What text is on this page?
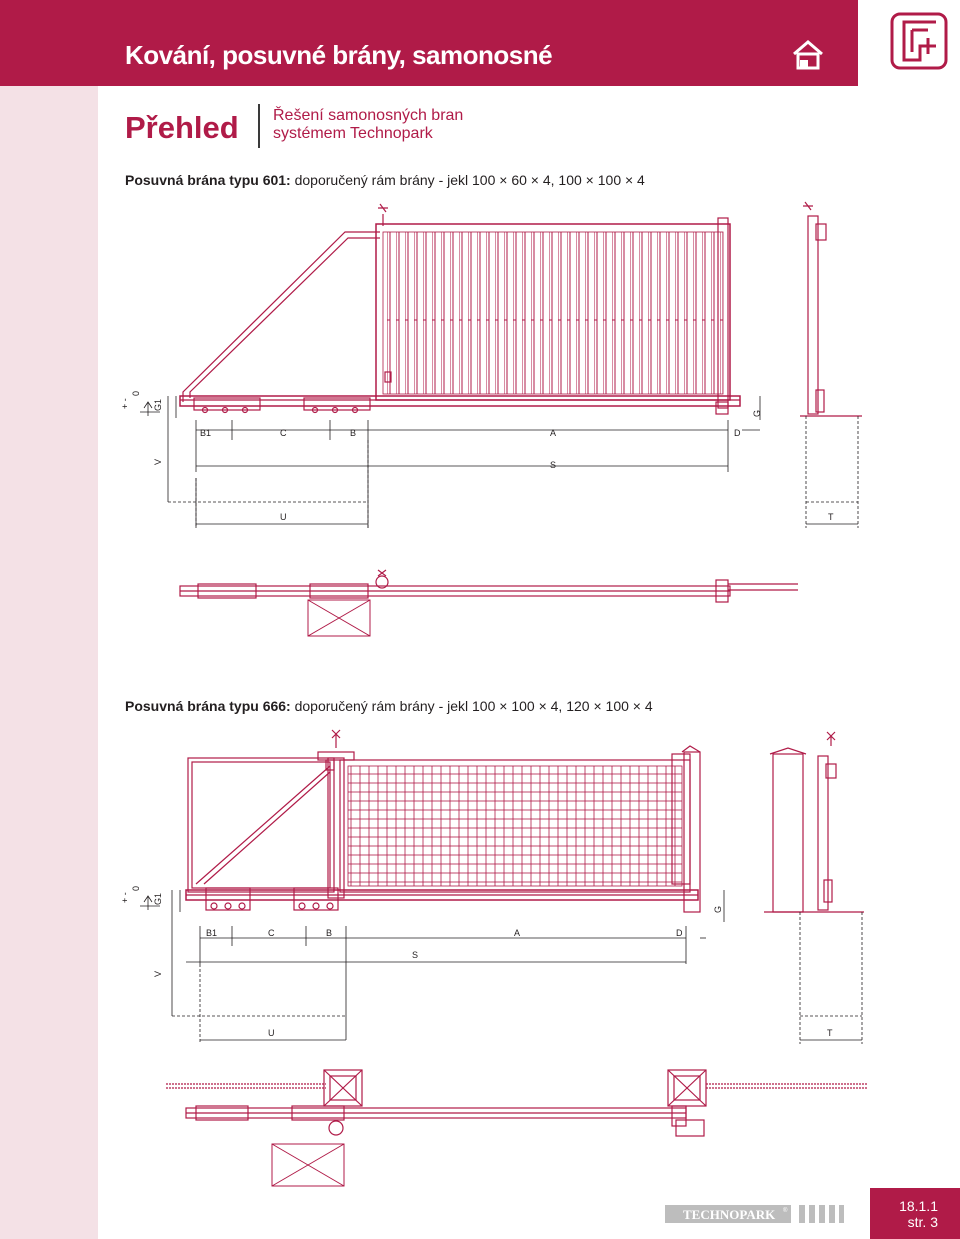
Kování, posuvné brány, samonosné
Přehled Řešení samonosných bran
systémem Technopark
Posuvná brána typu 601: doporučený rám brány - jekl 100 × 60 × 4, 100 × 100 × 4
Posuvná brána typu 666: doporučený rám brány - jekl 100 × 100 × 4, 120 × 100 × 4
+ -
0
G1
V
B1	C	B	A	D
G
S
U	T
+ -
0
G1
V
B1	C	B	A	D
G
S
U	T
TECHNOPARK ®	18.1.1
str. 3
